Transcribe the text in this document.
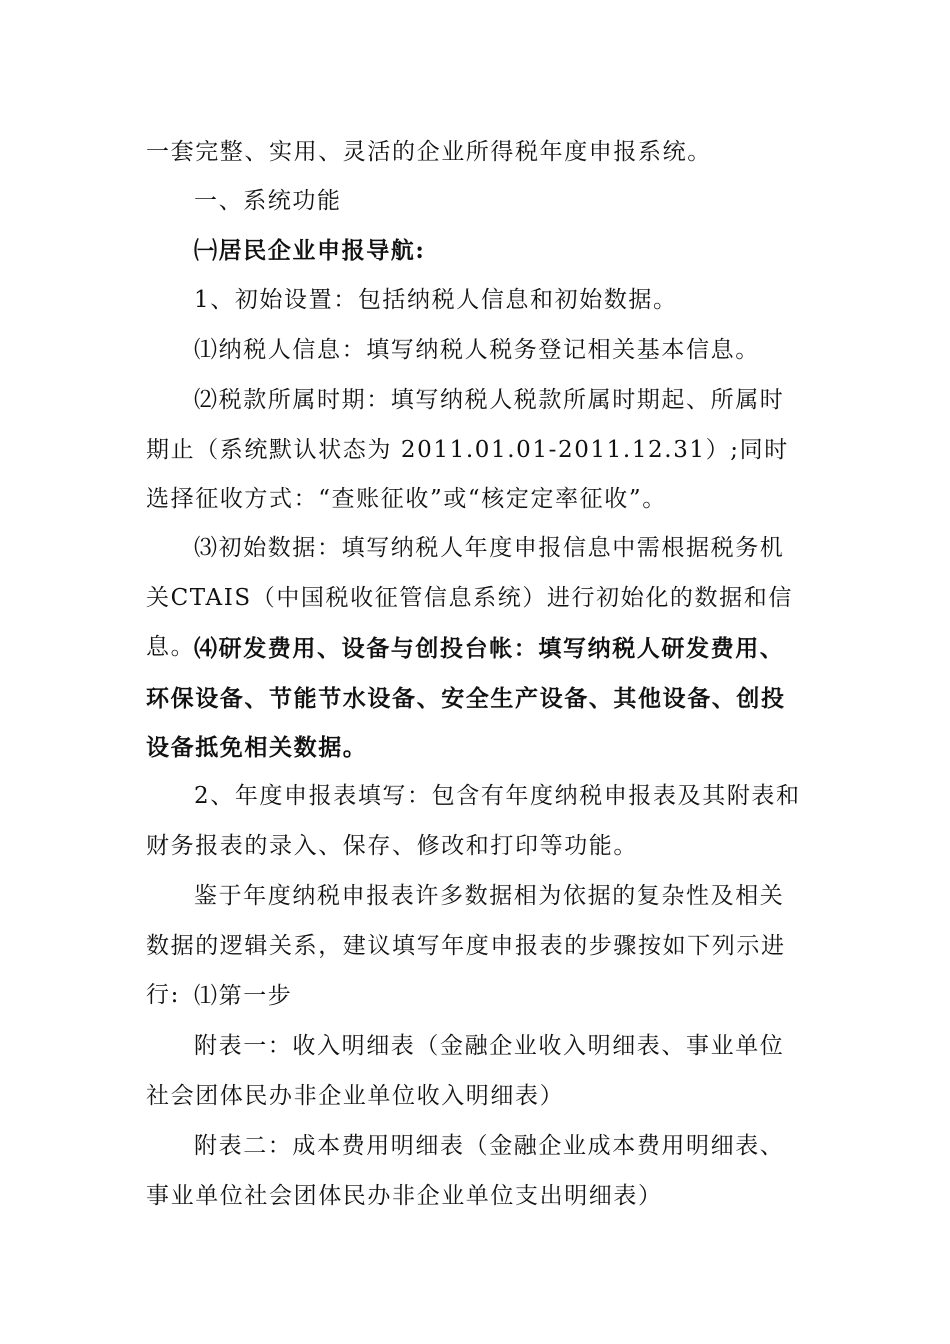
一套完整、实用、灵活的企业所得税年度申报系统。

一、系统功能

㈠居民企业申报导航:

1、初始设置：包括纳税人信息和初始数据。

⑴纳税人信息：填写纳税人税务登记相关基本信息。

⑵税款所属时期：填写纳税人税款所属时期起、所属时期止（系统默认状态为 2011.01.01-2011.12.31）;同时选择征收方式：“查账征收”或“核定定率征收”。

⑶初始数据：填写纳税人年度申报信息中需根据税务机关CTAIS（中国税收征管信息系统）进行初始化的数据和信息。

⑷研发费用、设备与创投台帐：填写纳税人研发费用、环保设备、节能节水设备、安全生产设备、其他设备、创投设备抵免相关数据。

2、年度申报表填写：包含有年度纳税申报表及其附表和财务报表的录入、保存、修改和打印等功能。

鉴于年度纳税申报表许多数据相为依据的复杂性及相关数据的逻辑关系，建议填写年度申报表的步骤按如下列示进行: ⑴第一步

附表一：收入明细表（金融企业收入明细表、事业单位社会团体民办非企业单位收入明细表）

附表二：成本费用明细表（金融企业成本费用明细表、事业单位社会团体民办非企业单位支出明细表）
